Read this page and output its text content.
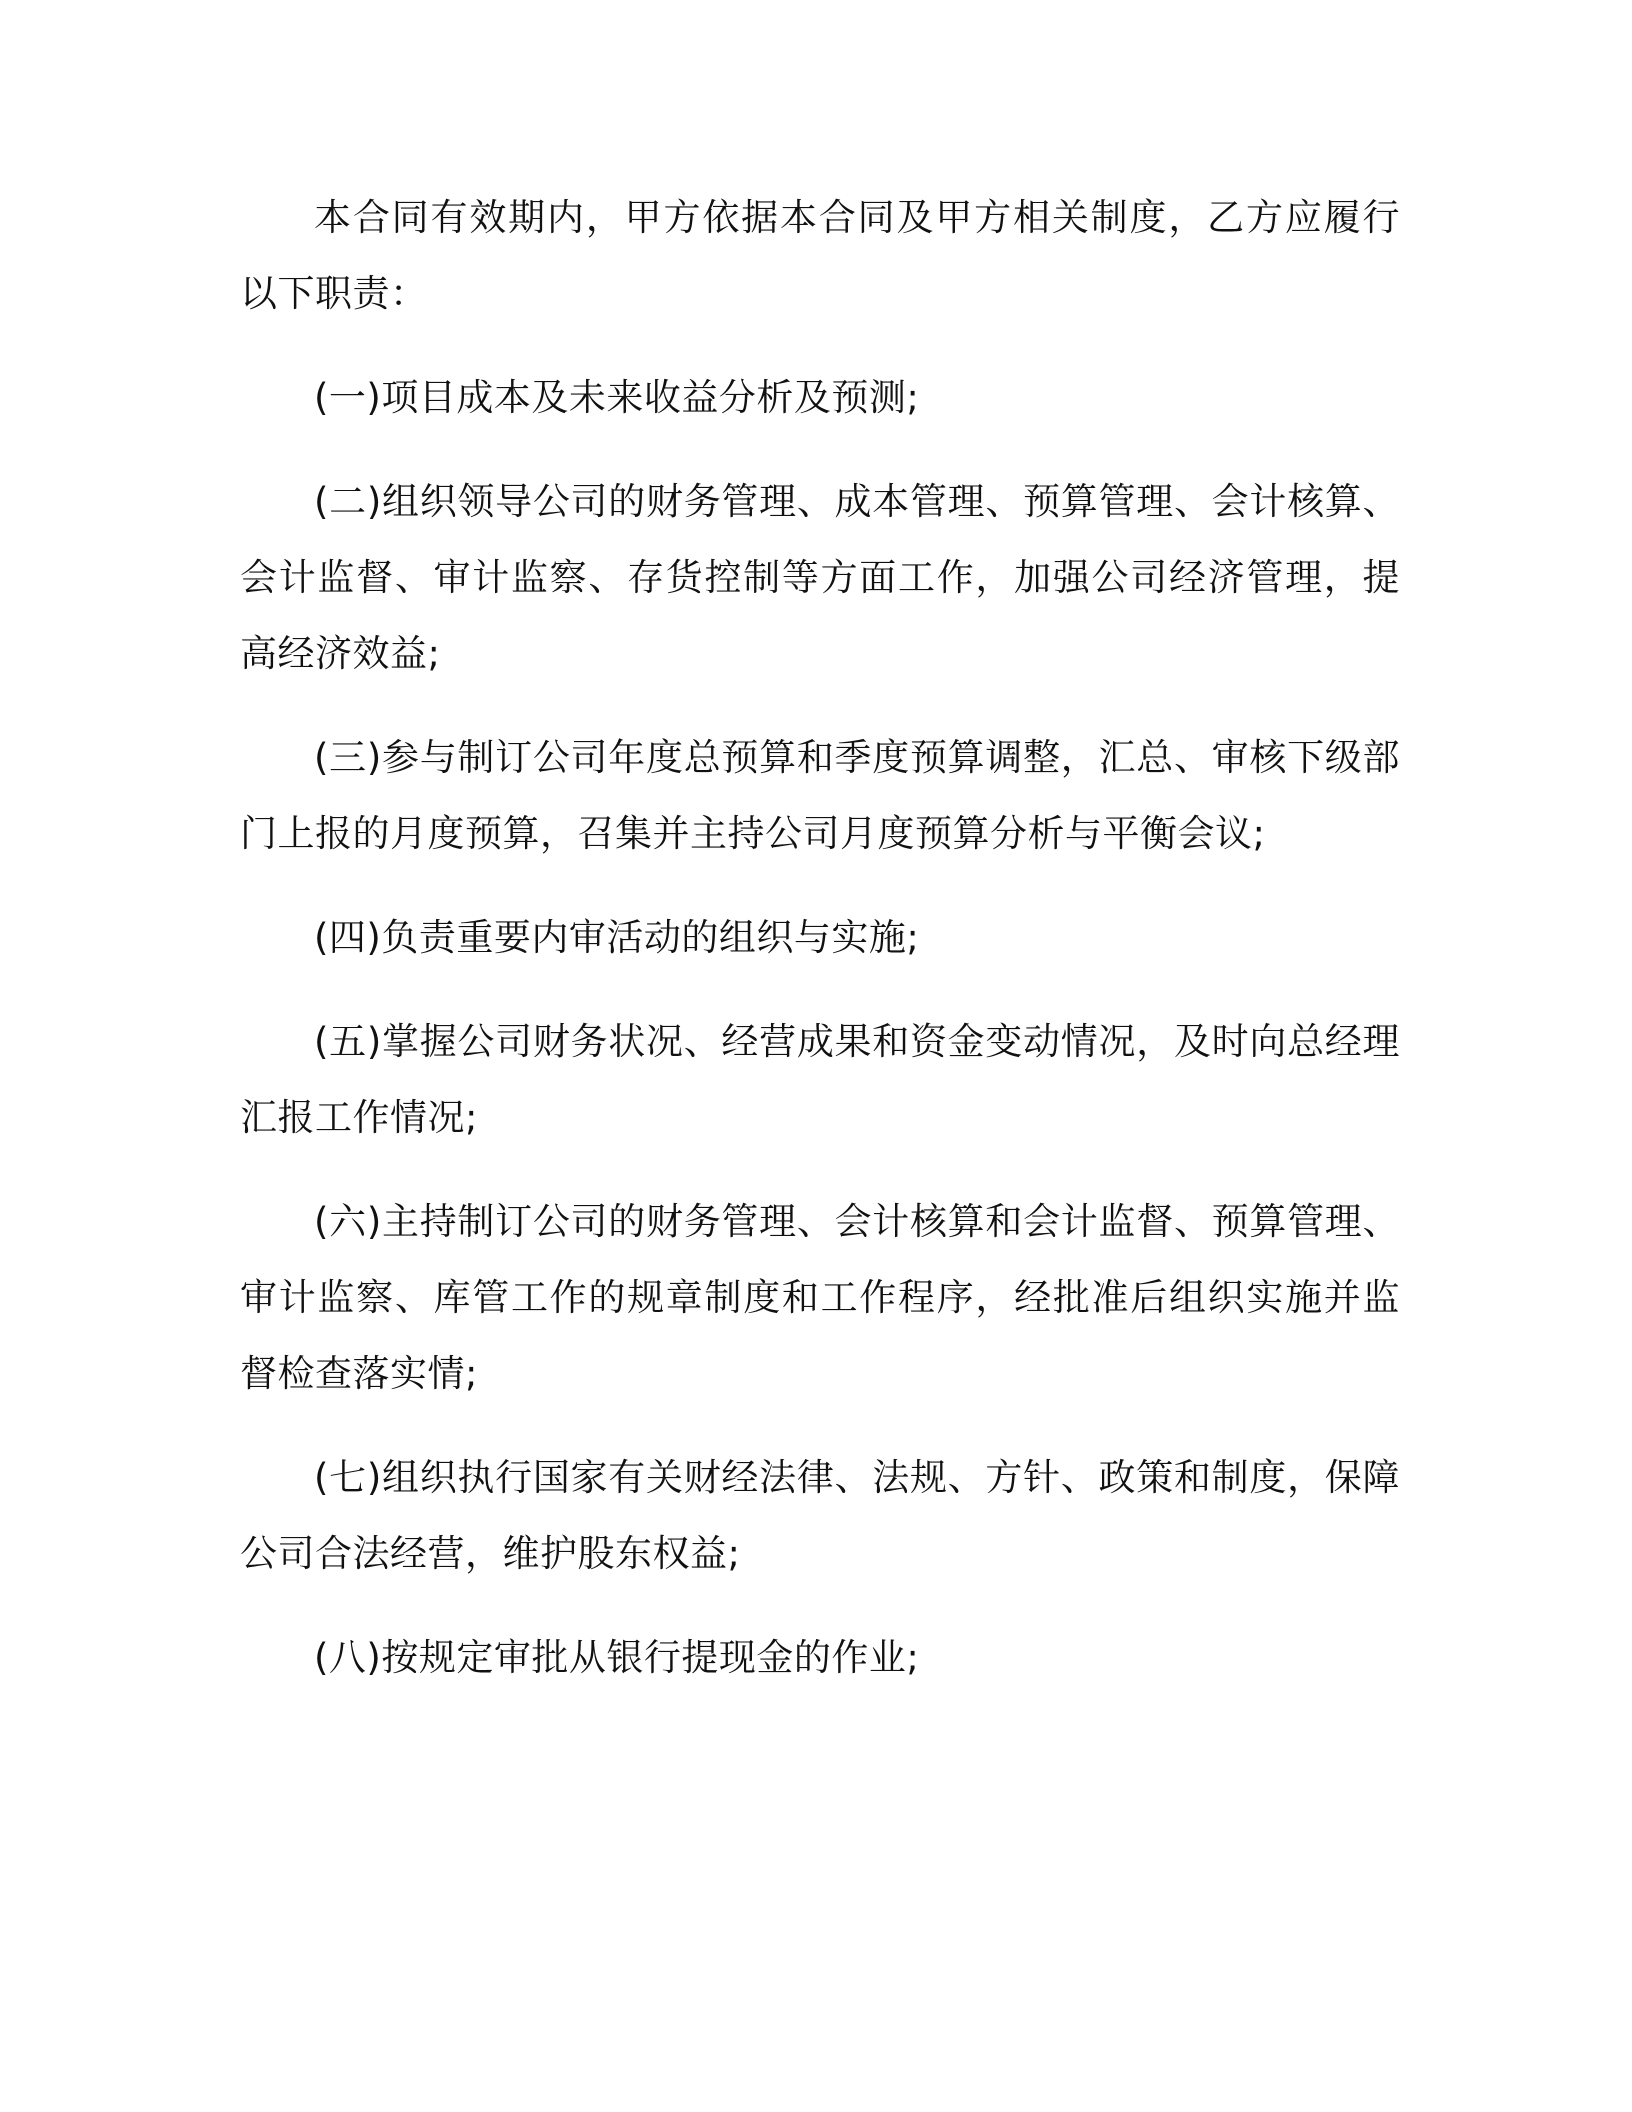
本合同有效期内，甲方依据本合同及甲方相关制度，乙方应履行以下职责：

(一)项目成本及未来收益分析及预测;

(二)组织领导公司的财务管理、成本管理、预算管理、会计核算、会计监督、审计监察、存货控制等方面工作，加强公司经济管理，提高经济效益;

(三)参与制订公司年度总预算和季度预算调整，汇总、审核下级部门上报的月度预算，召集并主持公司月度预算分析与平衡会议;

(四)负责重要内审活动的组织与实施;

(五)掌握公司财务状况、经营成果和资金变动情况，及时向总经理汇报工作情况;

(六)主持制订公司的财务管理、会计核算和会计监督、预算管理、审计监察、库管工作的规章制度和工作程序，经批准后组织实施并监督检查落实情;

(七)组织执行国家有关财经法律、法规、方针、政策和制度，保障公司合法经营，维护股东权益;

(八)按规定审批从银行提现金的作业;
